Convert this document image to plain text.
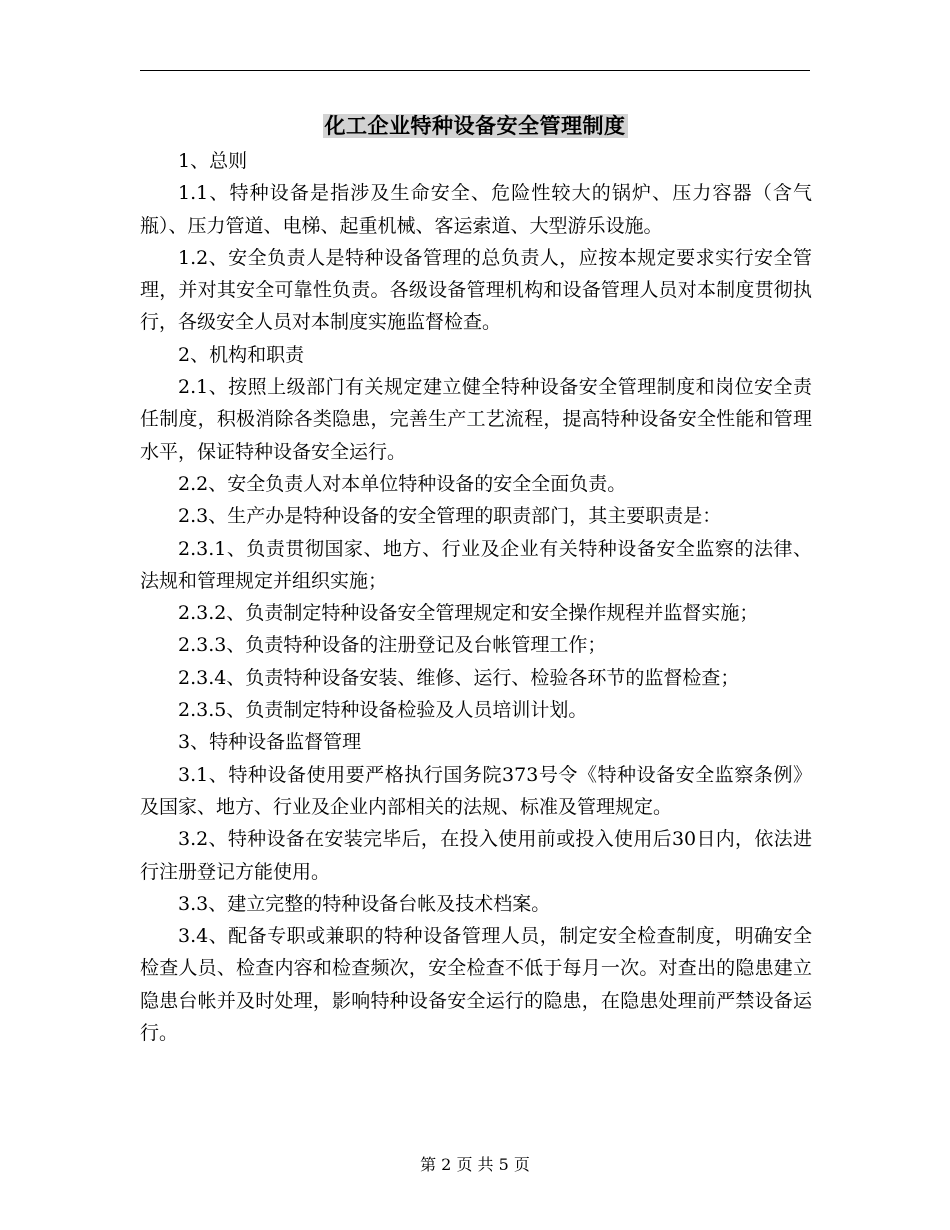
化工企业特种设备安全管理制度

1、总则

1.1、特种设备是指涉及生命安全、危险性较大的锅炉、压力容器（含气瓶）、压力管道、电梯、起重机械、客运索道、大型游乐设施。

1.2、安全负责人是特种设备管理的总负责人，应按本规定要求实行安全管理，并对其安全可靠性负责。各级设备管理机构和设备管理人员对本制度贯彻执行，各级安全人员对本制度实施监督检查。

2、机构和职责

2.1、按照上级部门有关规定建立健全特种设备安全管理制度和岗位安全责任制度，积极消除各类隐患，完善生产工艺流程，提高特种设备安全性能和管理水平，保证特种设备安全运行。

2.2、安全负责人对本单位特种设备的安全全面负责。

2.3、生产办是特种设备的安全管理的职责部门，其主要职责是：

2.3.1、负责贯彻国家、地方、行业及企业有关特种设备安全监察的法律、法规和管理规定并组织实施；

2.3.2、负责制定特种设备安全管理规定和安全操作规程并监督实施；

2.3.3、负责特种设备的注册登记及台帐管理工作；

2.3.4、负责特种设备安装、维修、运行、检验各环节的监督检查；

2.3.5、负责制定特种设备检验及人员培训计划。

3、特种设备监督管理

3.1、特种设备使用要严格执行国务院373号令《特种设备安全监察条例》及国家、地方、行业及企业内部相关的法规、标准及管理规定。

3.2、特种设备在安装完毕后，在投入使用前或投入使用后30日内，依法进行注册登记方能使用。

3.3、建立完整的特种设备台帐及技术档案。

3.4、配备专职或兼职的特种设备管理人员，制定安全检查制度，明确安全检查人员、检查内容和检查频次，安全检查不低于每月一次。对查出的隐患建立隐患台帐并及时处理，影响特种设备安全运行的隐患，在隐患处理前严禁设备运行。

第 2 页 共 5 页
